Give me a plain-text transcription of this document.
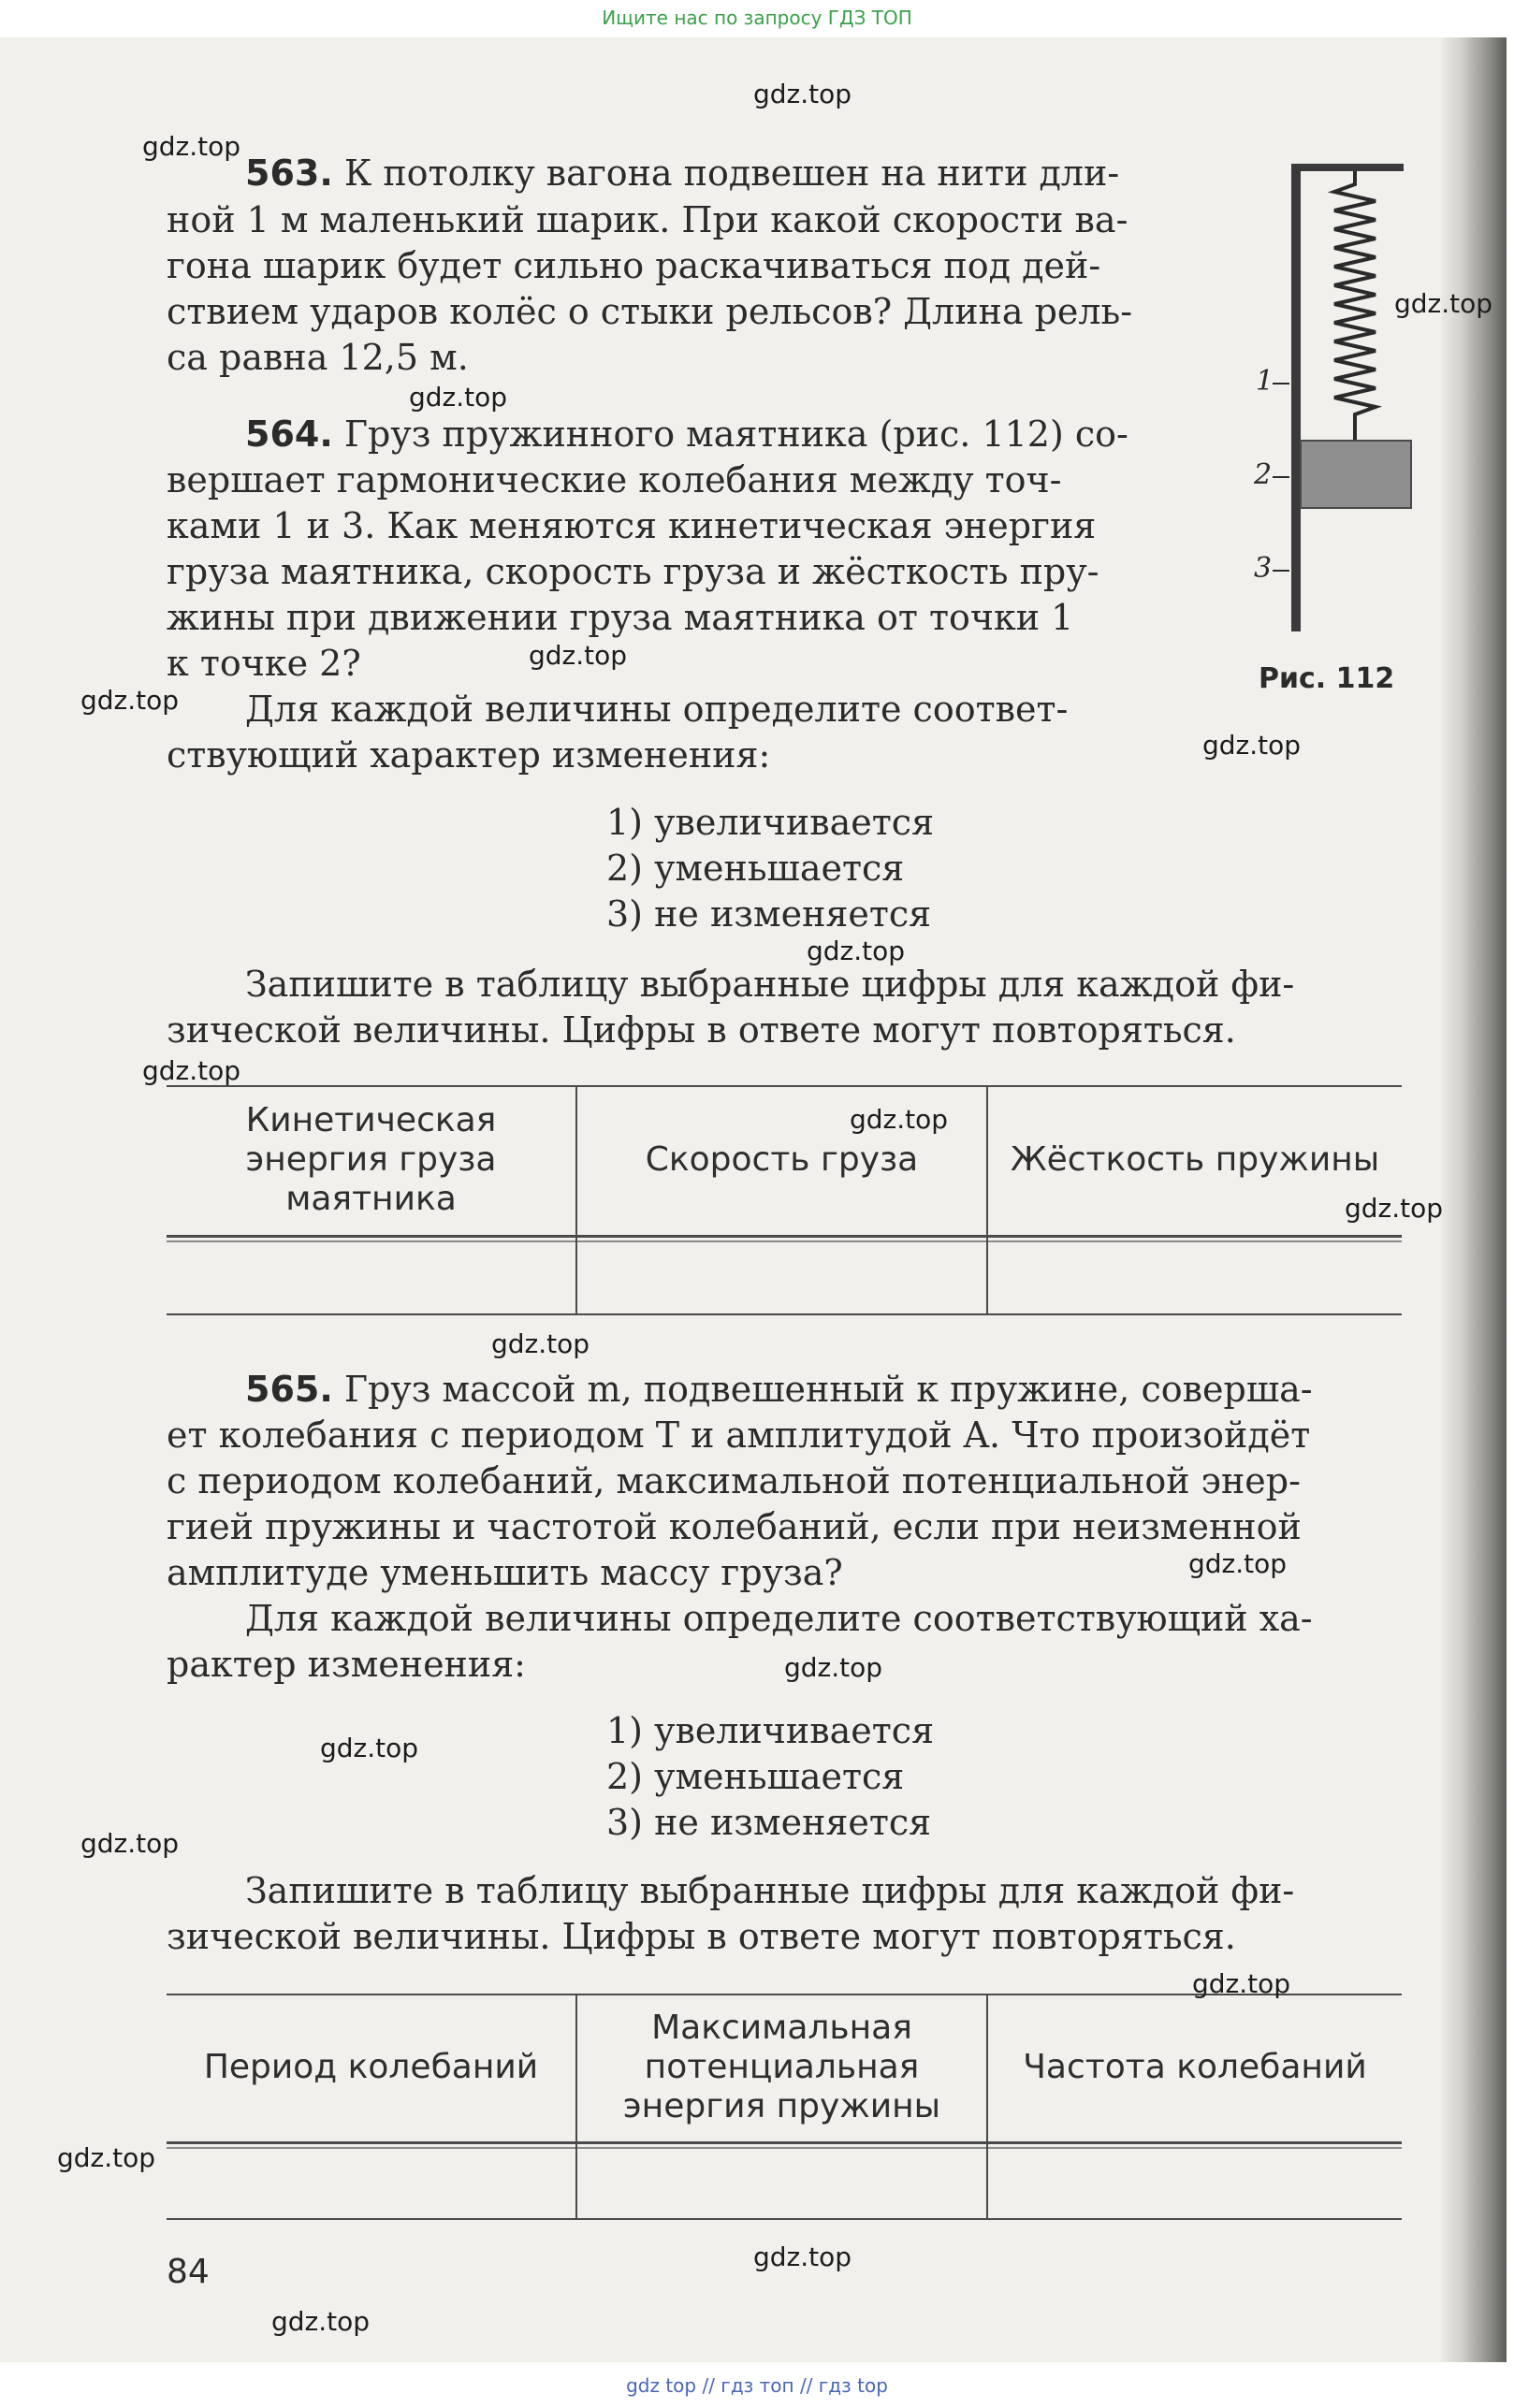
Ищите нас по запросу ГДЗ ТОП
563. К потолку вагона подвешен на нити дли-
ной 1 м маленький шарик. При какой скорости ва-
гона шарик будет сильно раскачиваться под дей-
ствием ударов колёс о стыки рельсов? Длина рель-
са равна 12,5 м.
564. Груз пружинного маятника (рис. 112) со-
вершает гармонические колебания между точ-
ками 1 и 3. Как меняются кинетическая энергия
груза маятника, скорость груза и жёсткость пру-
жины при движении груза маятника от точки 1
к точке 2?
Для каждой величины определите соответ-
ствующий характер изменения:
1) увеличивается
2) уменьшается
3) не изменяется
Запишите в таблицу выбранные цифры для каждой фи-
зической величины. Цифры в ответе могут повторяться.
Кинетическая
энергия груза
маятника
Скорость груза	Жёсткость пружины
565. Груз массой m, подвешенный к пружине, соверша-
ет колебания с периодом T и амплитудой A. Что произойдёт
с периодом колебаний, максимальной потенциальной энер-
гией пружины и частотой колебаний, если при неизменной
амплитуде уменьшить массу груза?
Для каждой величины определите соответствующий ха-
рактер изменения:
1) увеличивается
2) уменьшается
3) не изменяется
Запишите в таблицу выбранные цифры для каждой фи-
зической величины. Цифры в ответе могут повторяться.
Период колебаний
Максимальная
потенциальная
энергия пружины
Частота колебаний
1
2
3
Рис. 112
84
gdz.top
gdz.top
gdz.top
gdz.top
gdz.top
gdz.top
gdz.top
gdz.top
gdz.top
gdz.top
gdz.top
gdz.top
gdz.top
gdz.top
gdz.top
gdz.top
gdz.top
gdz.top
gdz.top
gdz.top
gdz top // гдз топ // гдз top
